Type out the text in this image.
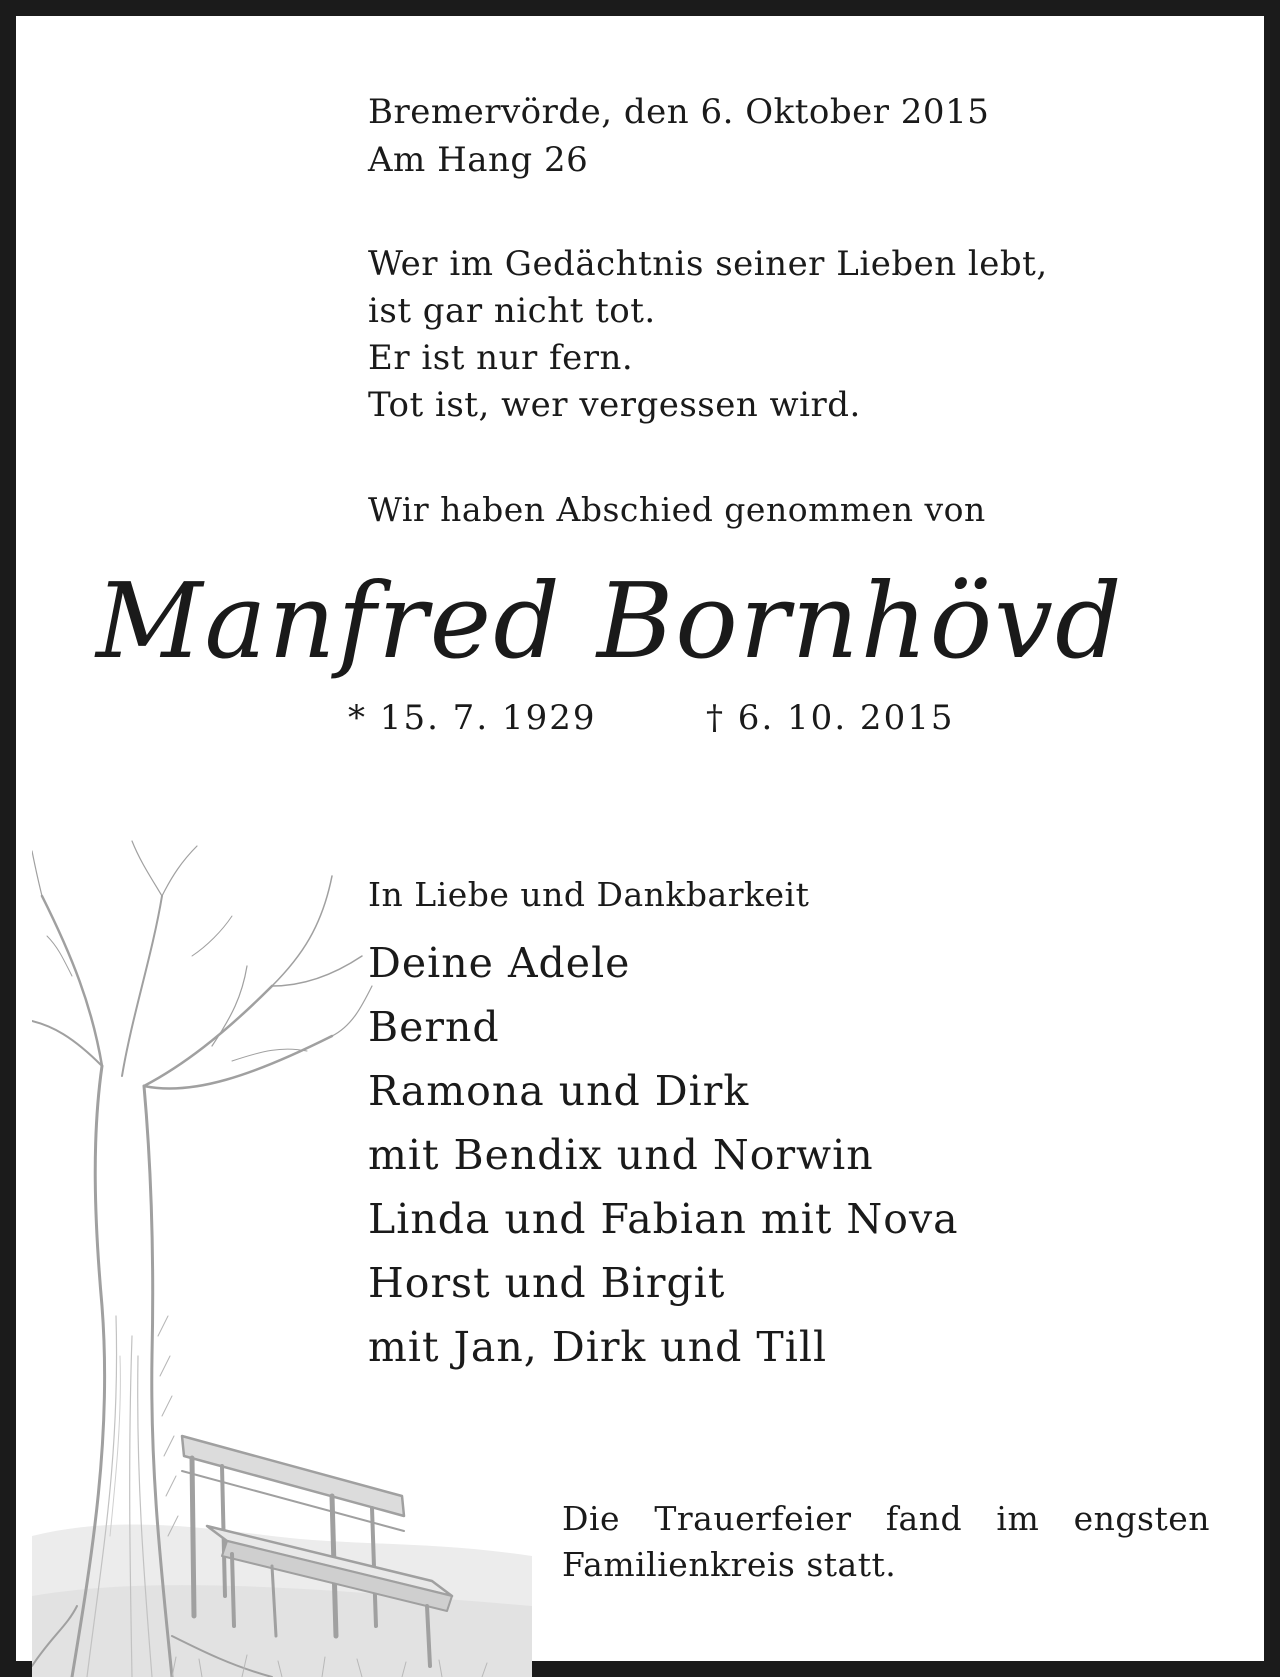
Bremervörde, den 6. Oktober 2015
Am Hang 26
Wer im Gedächtnis seiner Lieben lebt,
ist gar nicht tot.
Er ist nur fern.
Tot ist, wer vergessen wird.
Wir haben Abschied genommen von
Manfred Bornhövd
* 15. 7. 1929	† 6. 10. 2015
In Liebe und Dankbarkeit
Deine Adele
Bernd
Ramona und Dirk
mit Bendix und Norwin
Linda und Fabian mit Nova
Horst und Birgit
mit Jan, Dirk und Till
Die Trauerfeier fand im engsten Familienkreis statt.
